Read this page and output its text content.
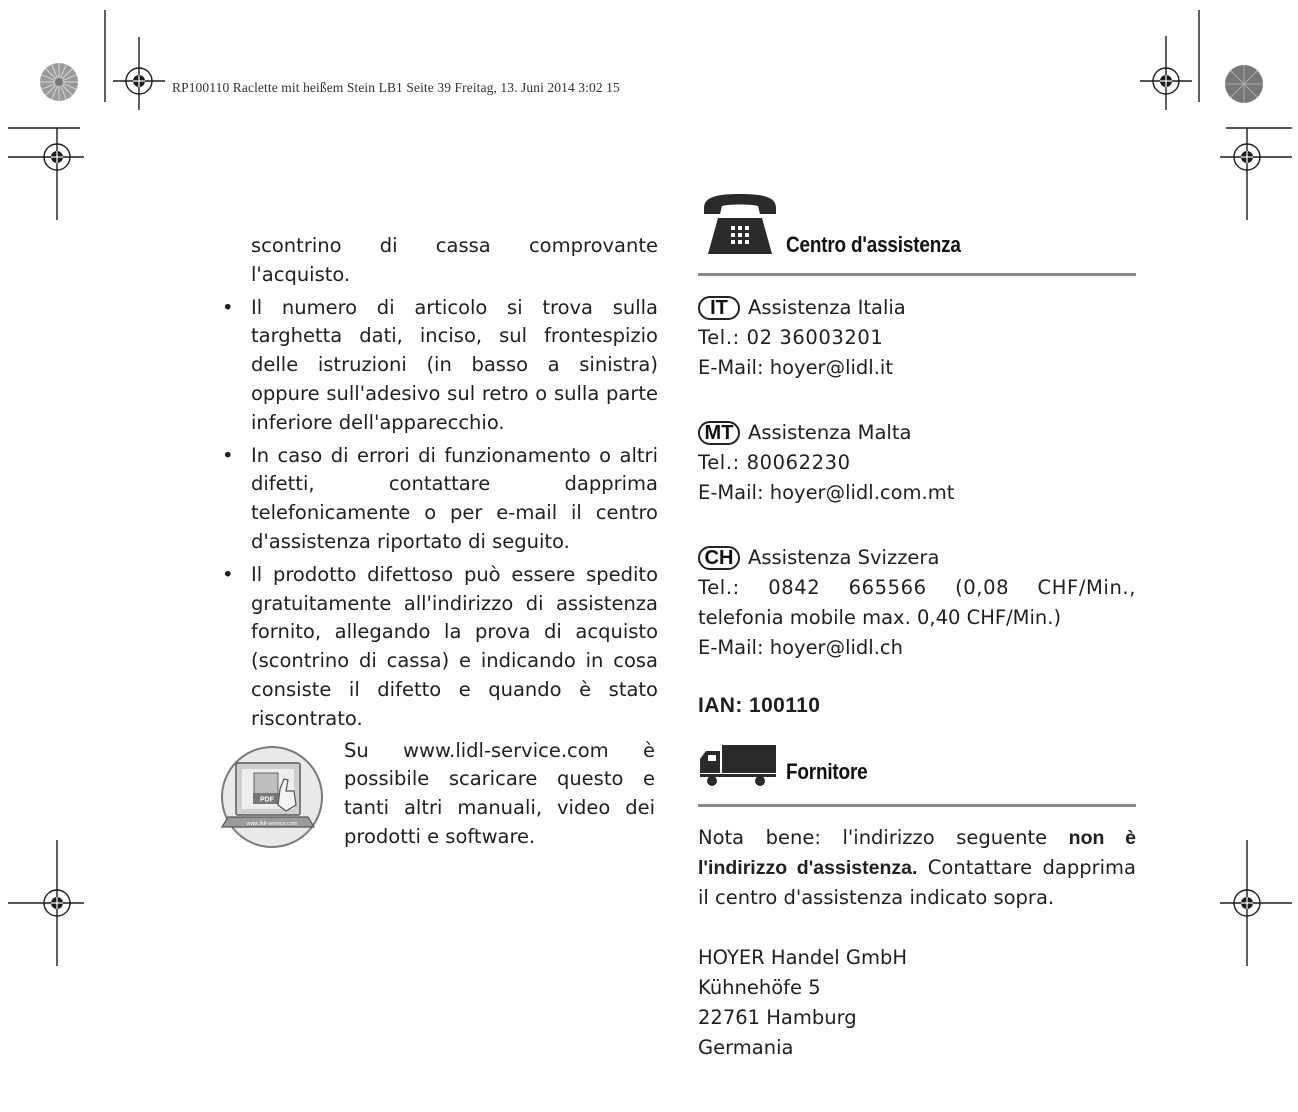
RP100110 Raclette mit heißem Stein LB1 Seite 39 Freitag, 13. Juni 2014 3:02 15

scontrino di cassa comprovante

l'acquisto.

• Il numero di articolo si trova sulla targhetta dati, inciso, sul frontespizio delle istruzioni (in basso a sinistra) oppure sull'adesivo sul retro o sulla parte inferiore dell'apparecchio.
• In caso di errori di funzionamento o altri difetti, contattare dapprima telefonicamente o per e-mail il centro d'assistenza riportato di seguito.
• Il prodotto difettoso può essere spedito gratuitamente all'indirizzo di assistenza fornito, allegando la prova di acquisto (scontrino di cassa) e indicando in cosa consiste il difetto e quando è stato riscontrato.
PDF
www.lidl-service.com
Su www.lidl-service.com è possibile scaricare questo e tanti altri manuali, video dei prodotti e software.
Centro d'assistenza
IT	Assistenza Italia
Tel.: 02 36003201
E-Mail: hoyer@lidl.it
MT Assistenza Malta
Tel.: 80062230
E-Mail: hoyer@lidl.com.mt
CH Assistenza Svizzera
Tel.: 0842 665566 (0,08 CHF/Min.,
telefonia mobile max. 0,40 CHF/Min.)
E-Mail: hoyer@lidl.ch
IAN: 100110
Fornitore
Nota bene: l'indirizzo seguente non è l'indirizzo d'assistenza. Contattare dapprima il centro d'assistenza indicato sopra.

HOYER Handel GmbH

Kühnehöfe 5

22761 Hamburg

Germania
